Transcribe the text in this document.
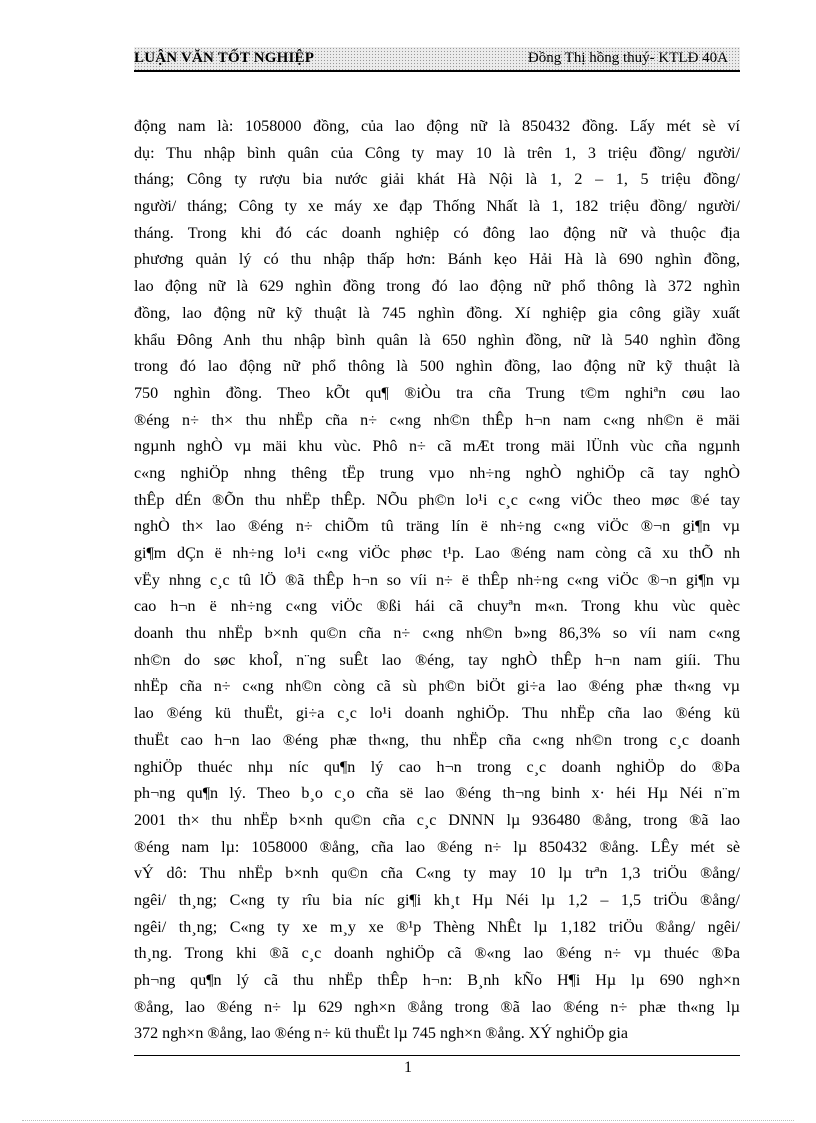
LUẬN VĂN TỐT NGHIỆP	Đồng Thị hồng thuý- KTLĐ 40A
động nam là: 1058000 đồng, của lao động nữ là 850432 đồng. Lấy mét sè ví
dụ: Thu nhập bình quân của Công ty may 10 là trên 1, 3 triệu đồng/ người/
tháng; Công ty rượu bia nước giải khát Hà Nội là 1, 2 – 1, 5 triệu đồng/
người/ tháng; Công ty xe máy xe đạp Thống Nhất là 1, 182 triệu đồng/ người/
tháng. Trong khi đó các doanh nghiệp có đông lao động nữ và thuộc địa
phương quản lý có thu nhập thấp hơn: Bánh kẹo Hải Hà là 690 nghìn đồng,
lao động nữ là 629 nghìn đồng trong đó lao động nữ phổ thông là 372 nghìn
đồng, lao động nữ kỹ thuật là 745 nghìn đồng. Xí nghiệp gia công giầy xuất
khẩu Đông Anh thu nhập bình quân là 650 nghìn đồng, nữ là 540 nghìn đồng
trong đó lao động nữ phổ thông là 500 nghìn đồng, lao động nữ kỹ thuật là
750 nghìn đồng. Theo kÕt qu¶ ®iÒu tra cña Trung t©m nghiªn cøu lao
®éng n÷ th× thu nhËp cña n÷ c«ng nh©n thÊp h¬n nam c«ng nh©n ë mäi
ngµnh nghÒ vµ mäi khu vùc. Phô n÷ cã mÆt trong mäi lÜnh vùc cña ngµnh
c«ng nghiÖp nhng thêng tËp trung vµo nh÷ng nghÒ nghiÖp cã tay nghÒ
thÊp dÉn ®Õn thu nhËp thÊp. NÕu ph©n lo¹i c¸c c«ng viÖc theo møc ®é tay
nghÒ th× lao ®éng n÷ chiÕm tû träng lín ë nh÷ng c«ng viÖc ®¬n gi¶n vµ
gi¶m dÇn ë nh÷ng lo¹i c«ng viÖc phøc t¹p. Lao ®éng nam còng cã xu thÕ nh
vËy nhng c¸c tû lÖ ®ã thÊp h¬n so víi n÷ ë thÊp nh÷ng c«ng viÖc ®¬n gi¶n vµ
cao h¬n ë nh÷ng c«ng viÖc ®ßi hái cã chuyªn m«n. Trong khu vùc quèc
doanh thu nhËp b×nh qu©n cña n÷ c«ng nh©n b»ng 86,3% so víi nam c«ng
nh©n do søc khoÎ, n¨ng suÊt lao ®éng, tay nghÒ thÊp h¬n nam giíi. Thu
nhËp cña n÷ c«ng nh©n còng cã sù ph©n biÖt gi÷a lao ®éng phæ th«ng vµ
lao ®éng kü thuËt, gi÷a c¸c lo¹i doanh nghiÖp. Thu nhËp cña lao ®éng kü
thuËt cao h¬n lao ®éng phæ th«ng, thu nhËp cña c«ng nh©n trong c¸c doanh
nghiÖp thuéc nhµ níc qu¶n lý cao h¬n trong c¸c doanh nghiÖp do ®Þa
ph¬ng qu¶n lý. Theo b¸o c¸o cña së lao ®éng th¬ng binh x· héi Hµ Néi n¨m
2001 th× thu nhËp b×nh qu©n cña c¸c DNNN lµ 936480 ®ång, trong ®ã lao
®éng nam lµ: 1058000 ®ång, cña lao ®éng n÷ lµ 850432 ®ång. LÊy mét sè
vÝ dô: Thu nhËp b×nh qu©n cña C«ng ty may 10 lµ trªn 1,3 triÖu ®ång/
ngêi/ th¸ng; C«ng ty rîu bia níc gi¶i kh¸t Hµ Néi lµ 1,2 – 1,5 triÖu ®ång/
ngêi/ th¸ng; C«ng ty xe m¸y xe ®¹p Thèng NhÊt lµ 1,182 triÖu ®ång/ ngêi/
th¸ng. Trong khi ®ã c¸c doanh nghiÖp cã ®«ng lao ®éng n÷ vµ thuéc ®Þa
ph¬ng qu¶n lý cã thu nhËp thÊp h¬n: B¸nh kÑo H¶i Hµ lµ 690 ngh×n
®ång, lao ®éng n÷ lµ 629 ngh×n ®ång trong ®ã lao ®éng n÷ phæ th«ng lµ
372 ngh×n ®ång, lao ®éng n÷ kü thuËt lµ 745 ngh×n ®ång. XÝ nghiÖp gia
1
